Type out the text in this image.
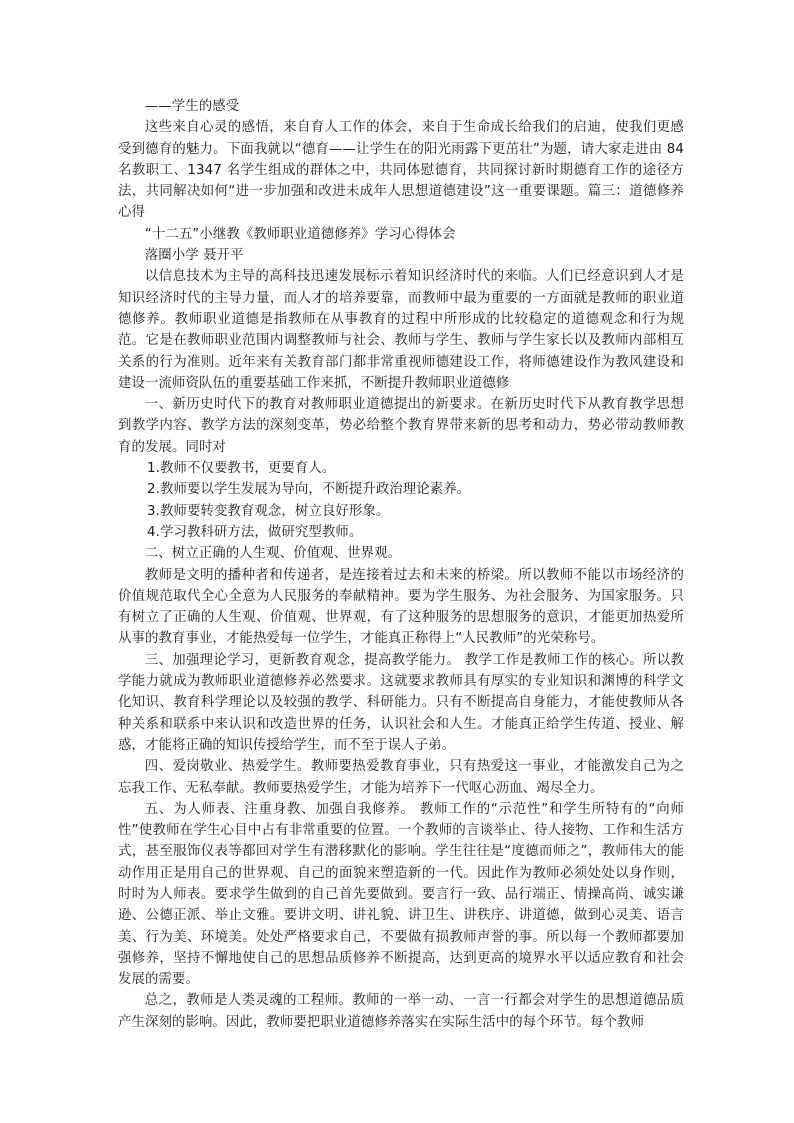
——学生的感受

这些来自心灵的感悟，来自育人工作的体会，来自于生命成长给我们的启迪，使我们更感受到德育的魅力。下面我就以“德育——让学生在的阳光雨露下更茁壮”为题，请大家走进由 84 名教职工、1347 名学生组成的群体之中，共同体慰德育，共同探讨新时期德育工作的途径方法，共同解决如何“进一步加强和改进未成年人思想道德建设”这一重要课题。篇三：道德修养心得

“十二五”小继教《教师职业道德修养》学习心得体会

落圈小学 聂开平

以信息技术为主导的高科技迅速发展标示着知识经济时代的来临。人们已经意识到人才是知识经济时代的主导力量，而人才的培养要靠，而教师中最为重要的一方面就是教师的职业道德修养。教师职业道德是指教师在从事教育的过程中所形成的比较稳定的道德观念和行为规范。它是在教师职业范围内调整教师与社会、教师与学生、教师与学生家长以及教师内部相互关系的行为准则。近年来有关教育部门都非常重视师德建设工作，将师德建设作为教风建设和建设一流师资队伍的重要基础工作来抓，不断提升教师职业道德修

一、新历史时代下的教育对教师职业道德提出的新要求。在新历史时代下从教育教学思想到教学内容、教学方法的深刻变革，势必给整个教育界带来新的思考和动力，势必带动教师教育的发展。同时对

1.教师不仅要教书，更要育人。

2.教师要以学生发展为导向，不断提升政治理论素养。

3.教师要转变教育观念，树立良好形象。

4.学习教科研方法，做研究型教师。

二、树立正确的人生观、价值观、世界观。

教师是文明的播种者和传递者，是连接着过去和未来的桥梁。所以教师不能以市场经济的价值规范取代全心全意为人民服务的奉献精神。要为学生服务、为社会服务、为国家服务。只有树立了正确的人生观、价值观、世界观，有了这种服务的思想服务的意识，才能更加热爱所从事的教育事业，才能热爱每一位学生，才能真正称得上“人民教师”的光荣称号。

三、加强理论学习，更新教育观念，提高教学能力。 教学工作是教师工作的核心。所以教学能力就成为教师职业道德修养必然要求。这就要求教师具有厚实的专业知识和渊博的科学文化知识、教育科学理论以及较强的教学、科研能力。只有不断提高自身能力，才能使教师从各种关系和联系中来认识和改造世界的任务，认识社会和人生。才能真正给学生传道、授业、解惑，才能将正确的知识传授给学生，而不至于误人子弟。

四、爱岗敬业、热爱学生。教师要热爱教育事业，只有热爱这一事业，才能激发自己为之忘我工作、无私奉献。教师要热爱学生，才能为培养下一代呕心沥血、竭尽全力。

五、为人师表、注重身教、加强自我修养。 教师工作的“示范性”和学生所特有的“向师性”使教师在学生心目中占有非常重要的位置。一个教师的言谈举止、待人接物、工作和生活方式，甚至服饰仪表等都回对学生有潜移默化的影响。学生往往是“度德而师之”，教师伟大的能动作用正是用自己的世界观、自己的面貌来塑造新的一代。因此作为教师必须处处以身作则，时时为人师表。要求学生做到的自己首先要做到。要言行一致、品行端正、情操高尚、诚实谦逊、公德正派、举止文雅。要讲文明、讲礼貌、讲卫生、讲秩序、讲道德，做到心灵美、语言美、行为美、环境美。处处严格要求自己，不要做有损教师声誉的事。所以每一个教师都要加强修养，坚持不懈地使自己的思想品质修养不断提高，达到更高的境界水平以适应教育和社会发展的需要。

总之，教师是人类灵魂的工程师。教师的一举一动、一言一行都会对学生的思想道德品质产生深刻的影响。因此，教师要把职业道德修养落实在实际生活中的每个环节。每个教师
